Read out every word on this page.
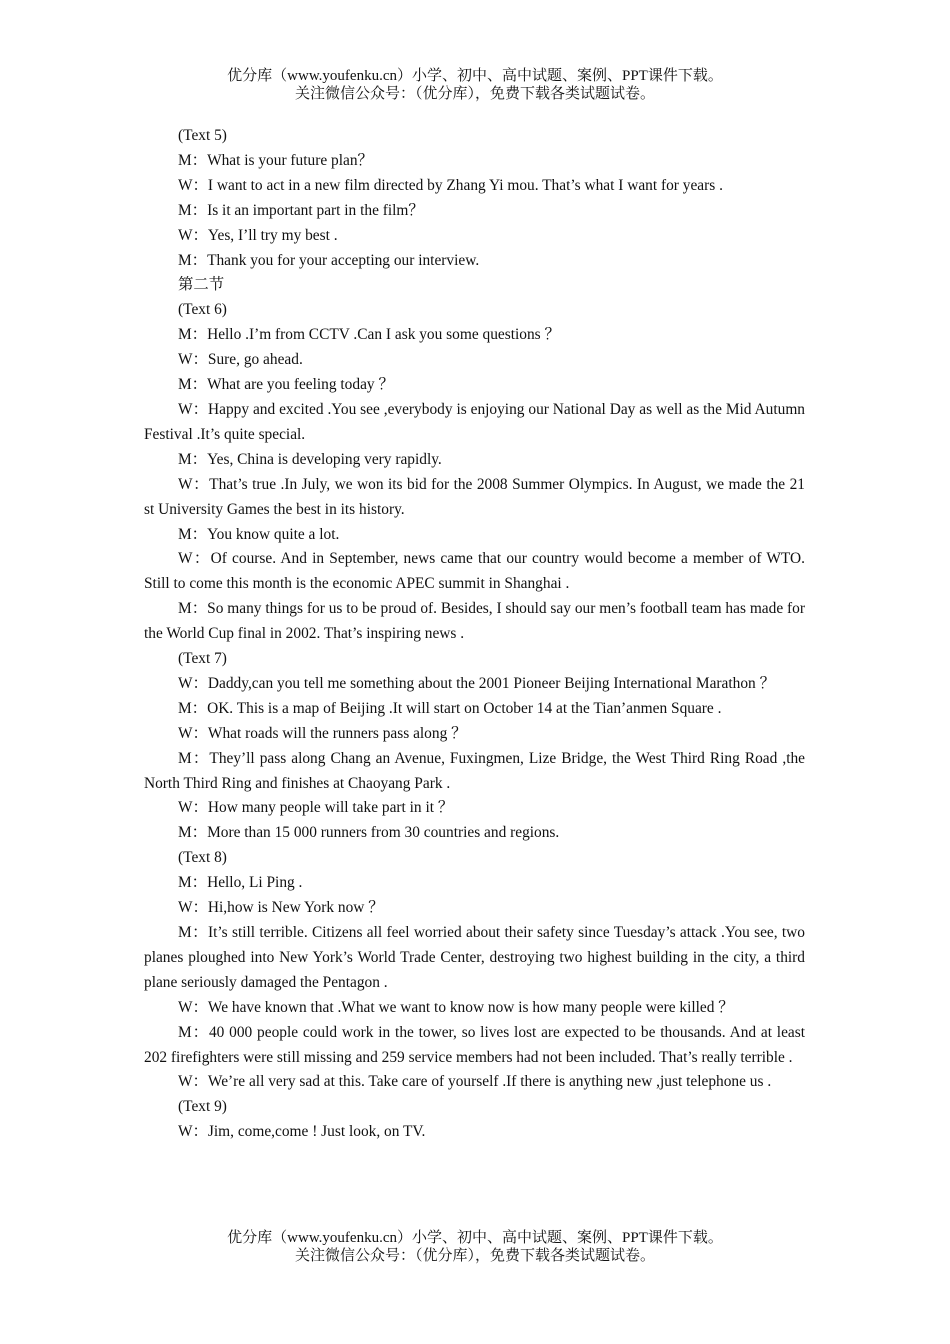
优分库（www.youfenku.cn）小学、初中、高中试题、案例、PPT课件下载。
关注微信公众号：（优分库），免费下载各类试题试卷。

(Text 5)

M：What is your future plan？

W：I want to act in a new film directed by Zhang Yi mou. That’s what I want for years .

M：Is it an important part in the film？

W：Yes, I’ll try my best .

M：Thank you for your accepting our interview.

第二节

(Text 6)

M：Hello .I’m from CCTV .Can I ask you some questions ？

W：Sure, go ahead.

M：What are you feeling today ？

W：Happy and excited .You see ,everybody is enjoying our National Day as well as the Mid Autumn Festival .It’s quite special.

M：Yes, China is developing very rapidly.

W：That’s true .In July, we won its bid for the 2008 Summer Olympics. In August, we made the 21 st University Games the best in its history.

M：You know quite a lot.

W：Of course. And in September, news came that our country would become a member of WTO. Still to come this month is the economic APEC summit in Shanghai .

M：So many things for us to be proud of. Besides, I should say our men’s football team has made for the World Cup final in 2002. That’s inspiring news .

(Text 7)

W：Daddy,can you tell me something about the 2001 Pioneer Beijing International Marathon ？

M：OK. This is a map of Beijing .It will start on October 14 at the Tian’anmen Square .

W：What roads will the runners pass along ？

M：They’ll pass along Chang an Avenue, Fuxingmen, Lize Bridge, the West Third Ring Road ,the North Third Ring and finishes at Chaoyang Park .

W：How many people will take part in it ？

M：More than 15 000 runners from 30 countries and regions.

(Text 8)

M：Hello, Li Ping .

W：Hi,how is New York now ？

M：It’s still terrible. Citizens all feel worried about their safety since Tuesday’s attack .You see, two planes ploughed into New York’s World Trade Center, destroying two highest building in the city, a third plane seriously damaged the Pentagon .

W：We have known that .What we want to know now is how many people were killed ？

M：40 000 people could work in the tower, so lives lost are expected to be thousands. And at least 202 firefighters were still missing and 259 service members had not been included. That’s really terrible .

W：We’re all very sad at this. Take care of yourself .If there is anything new ,just telephone us .

(Text 9)

W：Jim, come,come ! Just look, on TV.

优分库（www.youfenku.cn）小学、初中、高中试题、案例、PPT课件下载。
关注微信公众号：（优分库），免费下载各类试题试卷。
